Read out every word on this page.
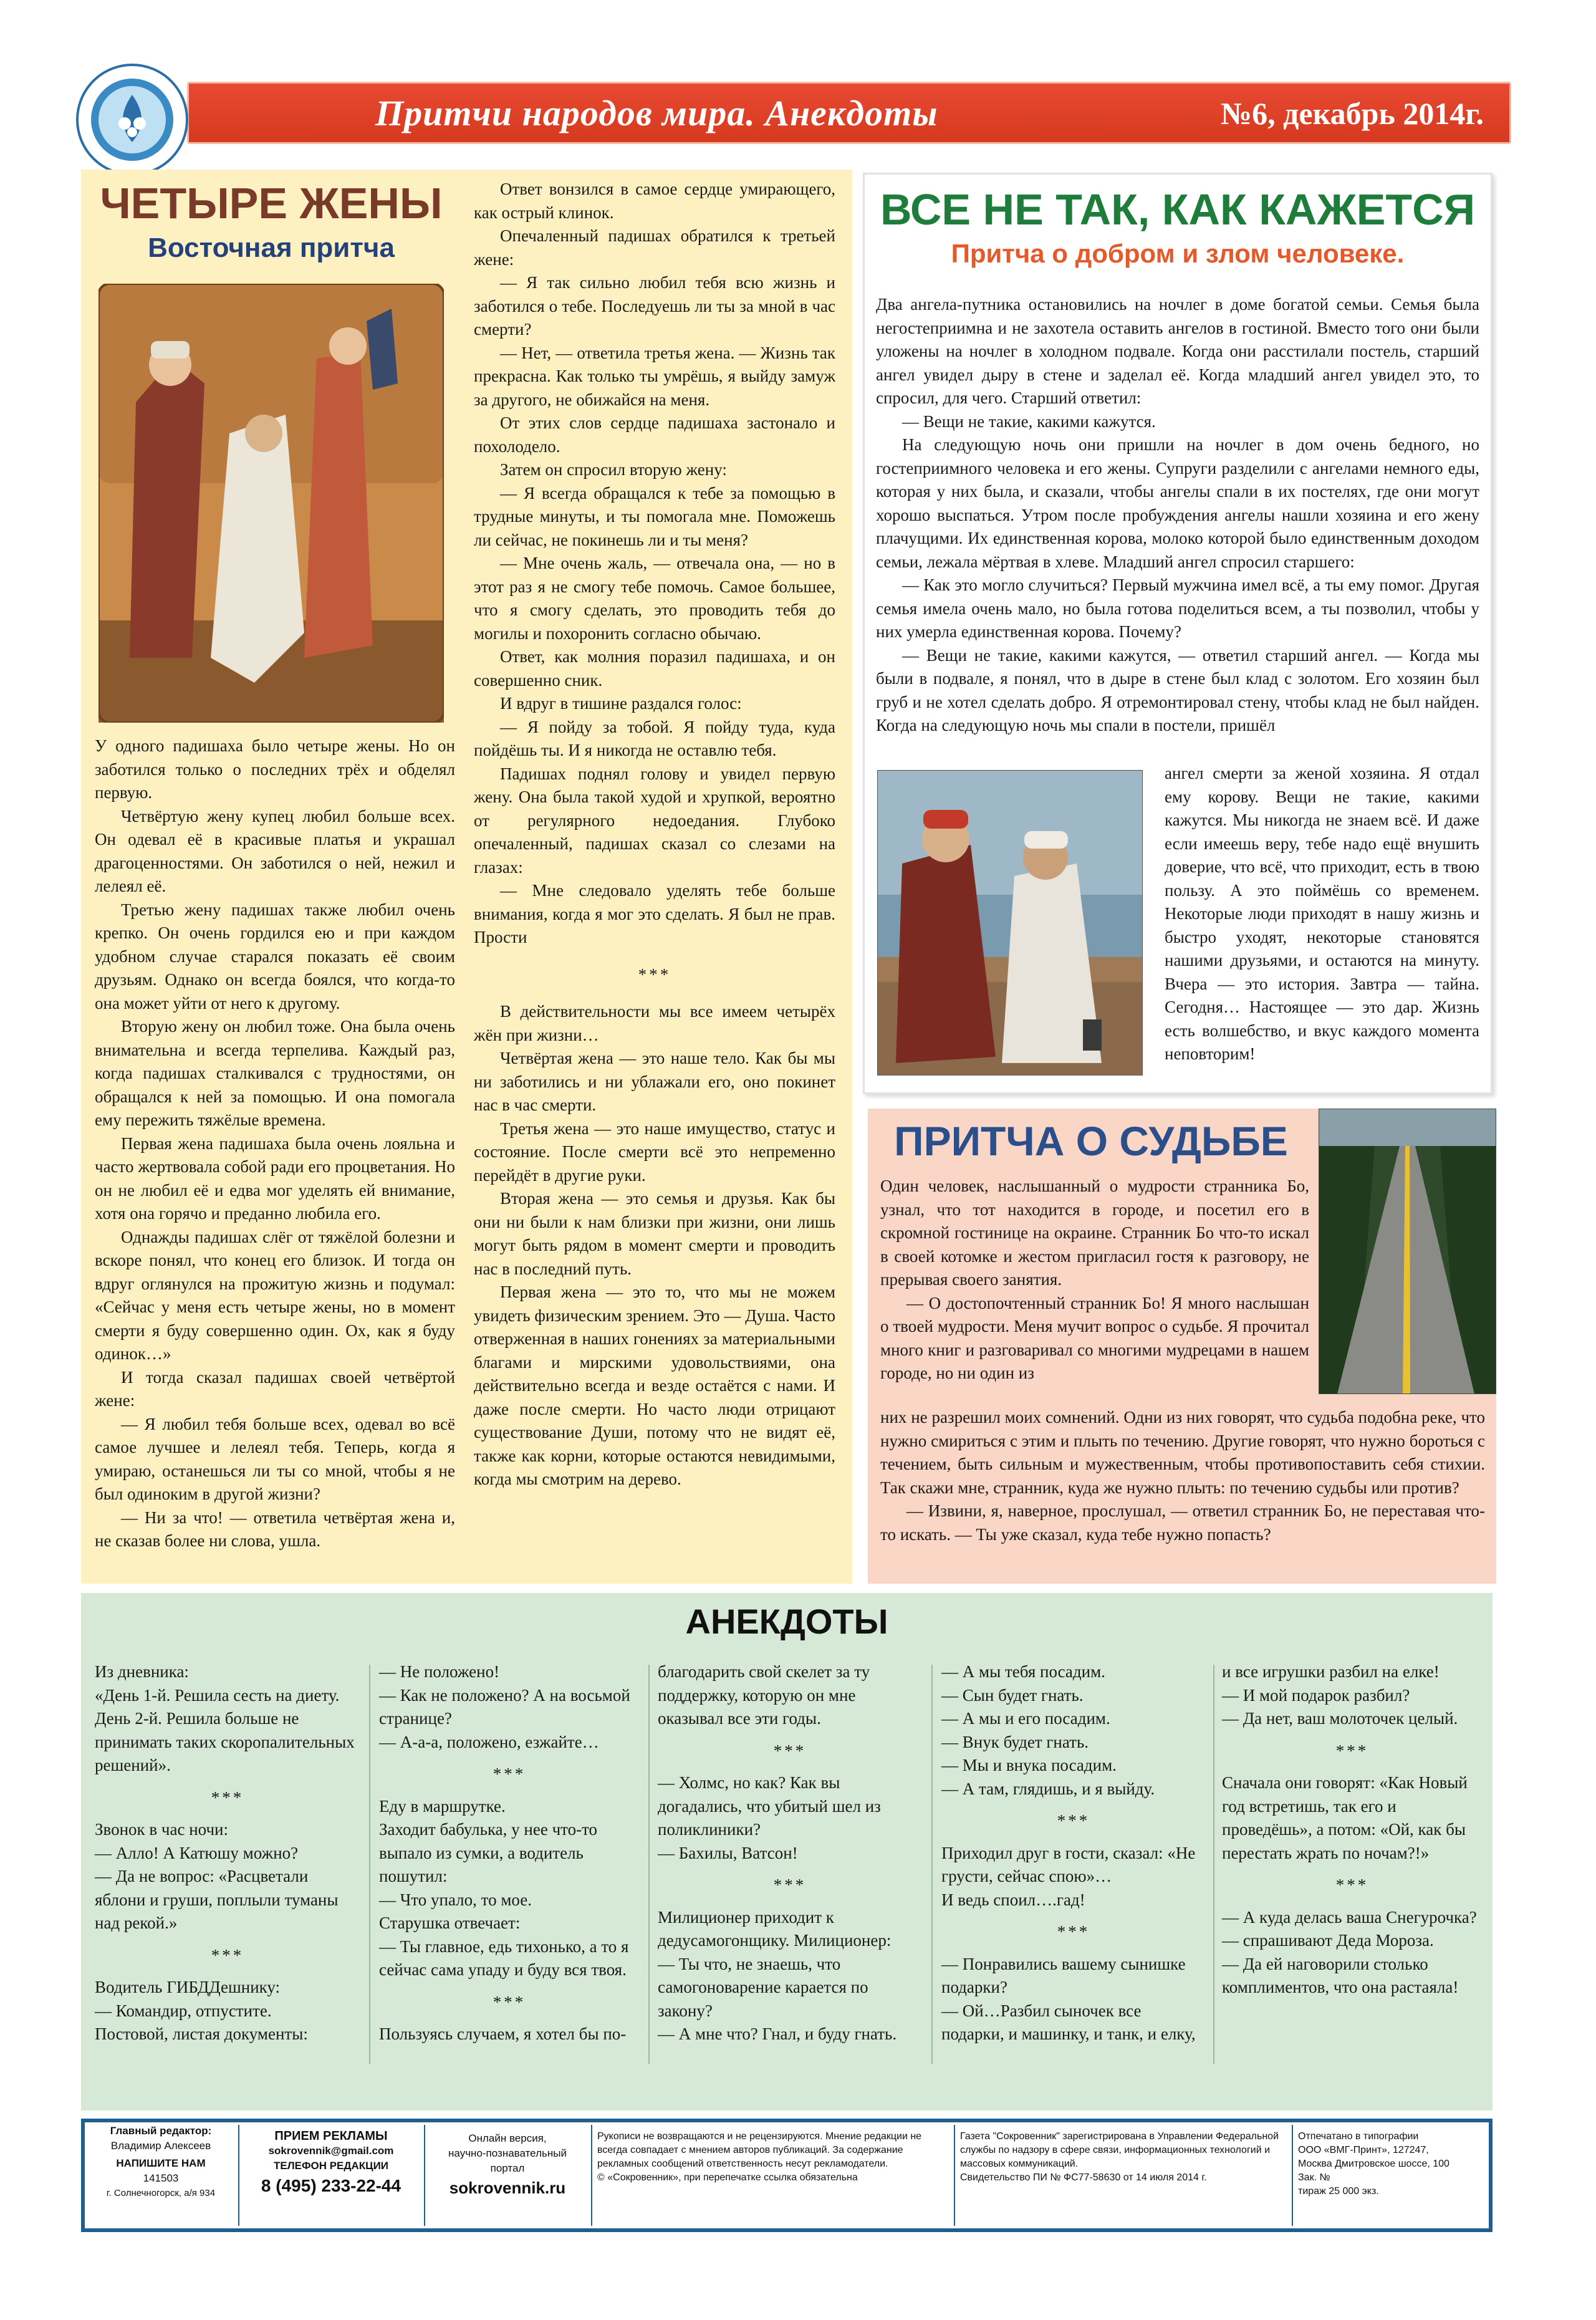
Притчи народов мира. Анекдоты	№6, декабрь 2014г.
ЧЕТЫРЕ ЖЕНЫ
Восточная притча

У одного падишаха было четыре жены. Но он заботился только о последних трёх и обделял первую.

Четвёртую жену купец любил больше всех. Он одевал её в красивые платья и украшал драгоценностями. Он заботился о ней, нежил и лелеял её.

Третью жену падишах также любил очень крепко. Он очень гордился ею и при каждом удобном случае старался показать её своим друзьям. Однако он всегда боялся, что когда-то она может уйти от него к другому.

Вторую жену он любил тоже. Она была очень внимательна и всегда терпелива. Каждый раз, когда падишах сталкивался с трудностями, он обращался к ней за помощью. И она помогала ему пережить тяжёлые времена.

Первая жена падишаха была очень лояльна и часто жертвовала собой ради его процветания. Но он не любил её и едва мог уделять ей внимание, хотя она горячо и преданно любила его.

Однажды падишах слёг от тяжёлой болезни и вскоре понял, что конец его близок. И тогда он вдруг оглянулся на прожитую жизнь и подумал: «Сейчас у меня есть четыре жены, но в момент смерти я буду совершенно один. Ох, как я буду одинок…»

И тогда сказал падишах своей четвёртой жене:

— Я любил тебя больше всех, одевал во всё самое лучшее и лелеял тебя. Теперь, когда я умираю, останешься ли ты со мной, чтобы я не был одиноким в другой жизни?

— Ни за что! — ответила четвёртая жена и, не сказав более ни слова, ушла.

Ответ вонзился в самое сердце умирающего, как острый клинок.

Опечаленный падишах обратился к третьей жене:

— Я так сильно любил тебя всю жизнь и заботился о тебе. Последуешь ли ты за мной в час смерти?

— Нет, — ответила третья жена. — Жизнь так прекрасна. Как только ты умрёшь, я выйду замуж за другого, не обижайся на меня.

От этих слов сердце падишаха застонало и похолодело.

Затем он спросил вторую жену:

— Я всегда обращался к тебе за помощью в трудные минуты, и ты помогала мне. Поможешь ли сейчас, не покинешь ли и ты меня?

— Мне очень жаль, — отвечала она, — но в этот раз я не смогу тебе помочь. Самое большее, что я смогу сделать, это проводить тебя до могилы и похоронить согласно обычаю.

Ответ, как молния поразил падишаха, и он совершенно сник.

И вдруг в тишине раздался голос:

— Я пойду за тобой. Я пойду туда, куда пойдёшь ты. И я никогда не оставлю тебя.

Падишах поднял голову и увидел первую жену. Она была такой худой и хрупкой, вероятно от регулярного недоедания. Глубоко опечаленный, падишах сказал со слезами на глазах:

— Мне следовало уделять тебе больше внимания, когда я мог это сделать. Я был не прав. Прости

***

В действительности мы все имеем четырёх жён при жизни…

Четвёртая жена — это наше тело. Как бы мы ни заботились и ни ублажали его, оно покинет нас в час смерти.

Третья жена — это наше имущество, статус и состояние. После смерти всё это непременно перейдёт в другие руки.

Вторая жена — это семья и друзья. Как бы они ни были к нам близки при жизни, они лишь могут быть рядом в момент смерти и проводить нас в последний путь.

Первая жена — это то, что мы не можем увидеть физическим зрением. Это — Душа. Часто отверженная в наших гонениях за материальными благами и мирскими удовольствиями, она действительно всегда и везде остаётся с нами. И даже после смерти. Но часто люди отрицают существование Души, потому что не видят её, также как корни, которые остаются невидимыми, когда мы смотрим на дерево.

ВСЕ НЕ ТАК, КАК КАЖЕТСЯ
Притча о добром и злом человеке.

Два ангела-путника остановились на ночлег в доме богатой семьи. Семья была негостеприимна и не захотела оставить ангелов в гостиной. Вместо того они были уложены на ночлег в холодном подвале. Когда они расстилали постель, старший ангел увидел дыру в стене и заделал её. Когда младший ангел увидел это, то спросил, для чего. Старший ответил:

— Вещи не такие, какими кажутся.

На следующую ночь они пришли на ночлег в дом очень бедного, но гостеприимного человека и его жены. Супруги разделили с ангелами немного еды, которая у них была, и сказали, чтобы ангелы спали в их постелях, где они могут хорошо выспаться. Утром после пробуждения ангелы нашли хозяина и его жену плачущими. Их единственная корова, молоко которой было единственным доходом семьи, лежала мёртвая в хлеве. Младший ангел спросил старшего:

— Как это могло случиться? Первый мужчина имел всё, а ты ему помог. Другая семья имела очень мало, но была готова поделиться всем, а ты позволил, чтобы у них умерла единственная корова. Почему?

— Вещи не такие, какими кажутся, — ответил старший ангел. — Когда мы были в подвале, я понял, что в дыре в стене был клад с золотом. Его хозяин был груб и не хотел сделать добро. Я отремонтировал стену, чтобы клад не был найден. Когда на следующую ночь мы спали в постели, пришёл

ангел смерти за женой хозяина. Я отдал ему корову. Вещи не такие, какими кажутся. Мы никогда не знаем всё. И даже если имеешь веру, тебе надо ещё внушить доверие, что всё, что приходит, есть в твою пользу. А это поймёшь со временем. Некоторые люди приходят в нашу жизнь и быстро уходят, некоторые становятся нашими друзьями, и остаются на минуту. Вчера — это история. Завтра — тайна. Сегодня… Настоящее — это дар. Жизнь есть волшебство, и вкус каждого момента неповторим!

ПРИТЧА О СУДЬБЕ

Один человек, наслышанный о мудрости странника Бо, узнал, что тот находится в городе, и посетил его в скромной гостинице на окраине. Странник Бо что-то искал в своей котомке и жестом пригласил гостя к разговору, не прерывая своего занятия.

— О достопочтенный странник Бо! Я много наслышан о твоей мудрости. Меня мучит вопрос о судьбе. Я прочитал много книг и разговаривал со многими мудрецами в нашем городе, но ни один из

них не разрешил моих сомнений. Одни из них говорят, что судьба подобна реке, что нужно смириться с этим и плыть по течению. Другие говорят, что нужно бороться с течением, быть сильным и мужественным, чтобы противопоставить себя стихии. Так скажи мне, странник, куда же нужно плыть: по течению судьбы или против?

— Извини, я, наверное, прослушал, — ответил странник Бо, не переставая что-то искать. — Ты уже сказал, куда тебе нужно попасть?

АНЕКДОТЫ

Из дневника:

«День 1-й. Решила сесть на диету. День 2-й. Решила больше не принимать таких скоропалительных решений».

***

Звонок в час ночи:

— Алло! А Катюшу можно?

— Да не вопрос: «Расцветали яблони и груши, поплыли туманы над рекой.»

***

Водитель ГИБДДешнику:

— Командир, отпустите.

Постовой, листая документы:

— Не положено!

— Как не положено? А на восьмой странице?

— А-а-а, положено, езжайте…

***

Еду в маршрутке.

Заходит бабулька, у нее что-то выпало из сумки, а водитель пошутил:

— Что упало, то мое.

Старушка отвечает:

— Ты главное, едь тихонько, а то я сейчас сама упаду и буду вся твоя.

***

Пользуясь случаем, я хотел бы по-

благодарить свой скелет за ту поддержку, которую он мне оказывал все эти годы.

***

— Холмс, но как? Как вы догадались, что убитый шел из поликлиники?

— Бахилы, Ватсон!

***

Милиционер приходит к дедусамогонщику. Милиционер:

— Ты что, не знаешь, что самогоноварение карается по закону?

— А мне что? Гнал, и буду гнать.

— А мы тебя посадим.

— Сын будет гнать.

— А мы и его посадим.

— Внук будет гнать.

— Мы и внука посадим.

— А там, глядишь, и я выйду.

***

Приходил друг в гости, сказал: «Не грусти, сейчас спою»…

И ведь споил….гад!

***

— Понравились вашему сынишке подарки?

— Ой…Разбил сыночек все подарки, и машинку, и танк, и елку,

и все игрушки разбил на елке!

— И мой подарок разбил?

— Да нет, ваш молоточек целый.

***

Сначала они говорят: «Как Новый год встретишь, так его и проведёшь», а потом: «Ой, как бы перестать жрать по ночам?!»

***

— А куда делась ваша Снегурочка? — спрашивают Деда Мороза.

— Да ей наговорили столько комплиментов, что она растаяла!

Главный редактор:
Владимир Алексеев
НАПИШИТЕ НАМ
141503
г. Солнечногорск, а/я 934
ПРИЕМ РЕКЛАМЫ
sokrovennik@gmail.com
ТЕЛЕФОН РЕДАКЦИИ
8 (495) 233-22-44
Онлайн версия,
научно-познавательный
портал
sokrovennik.ru
Рукописи не возвращаются и не рецензируются. Мнение редакции не всегда совпадает с мнением авторов публикаций. За содержание рекламных сообщений ответственность несут рекламодатели.
© «Сокровенник», при перепечатке ссылка обязательна
Газета "Сокровенник" зарегистрирована в Управлении Федеральной службы по надзору в сфере связи, информационных технологий и массовых коммуникаций.
Свидетельство ПИ № ФС77-58630 от 14 июля 2014 г.
Отпечатано в типографии
ООО «ВМГ-Принт», 127247,
Москва Дмитровское шоссе, 100
Зак. №
тираж 25 000 экз.
